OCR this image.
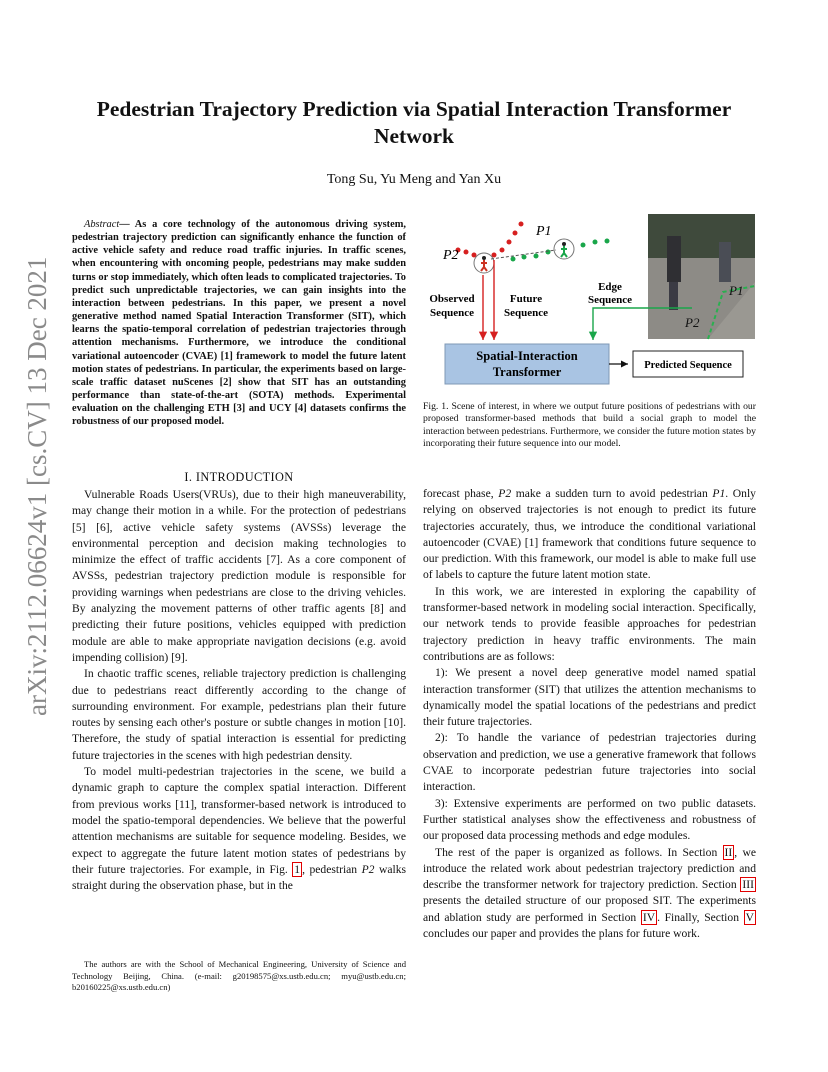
arXiv:2112.06624v1 [cs.CV] 13 Dec 2021
Pedestrian Trajectory Prediction via Spatial Interaction Transformer
Network
Tong Su, Yu Meng and Yan Xu
Abstract— As a core technology of the autonomous driving system, pedestrian trajectory prediction can significantly enhance the function of active vehicle safety and reduce road traffic injuries. In traffic scenes, when encountering with oncoming people, pedestrians may make sudden turns or stop immediately, which often leads to complicated trajectories. To predict such unpredictable trajectories, we can gain insights into the interaction between pedestrians. In this paper, we present a novel generative method named Spatial Interaction Transformer (SIT), which learns the spatio-temporal correlation of pedestrian trajectories through attention mechanisms. Furthermore, we introduce the conditional variational autoencoder (CVAE) [1] framework to model the future latent motion states of pedestrians. In particular, the experiments based on large-scale traffic dataset nuScenes [2] show that SIT has an outstanding performance than state-of-the-art (SOTA) methods. Experimental evaluation on the challenging ETH [3] and UCY [4] datasets confirms the robustness of our proposed model.
I. INTRODUCTION

Vulnerable Roads Users(VRUs), due to their high maneuverability, may change their motion in a while. For the protection of pedestrians [5] [6], active vehicle safety systems (AVSSs) leverage the environmental perception and decision making technologies to minimize the effect of traffic accidents [7]. As a core component of AVSSs, pedestrian trajectory prediction module is responsible for providing warnings when pedestrians are close to the driving vehicles. By analyzing the movement patterns of other traffic agents [8] and predicting their future positions, vehicles equipped with prediction module are able to make appropriate navigation decisions (e.g. avoid impending collision) [9].

In chaotic traffic scenes, reliable trajectory prediction is challenging due to pedestrians react differently according to the change of surrounding environment. For example, pedestrians plan their future routes by sensing each other's posture or subtle changes in motion [10]. Therefore, the study of spatial interaction is essential for predicting future trajectories in the scenes with high pedestrian density.

To model multi-pedestrian trajectories in the scene, we build a dynamic graph to capture the complex spatial interaction. Different from previous works [11], transformer-based network is introduced to model the spatio-temporal dependencies. We believe that the powerful attention mechanisms are suitable for sequence modeling. Besides, we expect to aggregate the future latent motion states of pedestrians by their future trajectories. For example, in Fig. 1 , pedestrian P2 walks straight during the observation phase, but in the

The authors are with the School of Mechanical Engineering, University of Science and Technology Beijing, China. (e-mail: g20198575@xs.ustb.edu.cn; myu@ustb.edu.cn; b20160225@xs.ustb.edu.cn)

P1
P2
P1
P2
Observed
Sequence
Future
Sequence
Edge
Sequence
Spatial-Interaction
Transformer	Predicted Sequence
Fig. 1. Scene of interest, in where we output future positions of pedestrians with our proposed transformer-based methods that build a social graph to model the interaction between pedestrians. Furthermore, we consider the future motion states by incorporating their future sequence into our model.

forecast phase, P2 make a sudden turn to avoid pedestrian P1. Only relying on observed trajectories is not enough to predict its future trajectories accurately, thus, we introduce the conditional variational autoencoder (CVAE) [1] framework that conditions future sequence to our prediction. With this framework, our model is able to make full use of labels to capture the future latent motion state.

In this work, we are interested in exploring the capability of transformer-based network in modeling social interaction. Specifically, our network tends to provide feasible approaches for pedestrian trajectory prediction in heavy traffic environments. The main contributions are as follows:

1): We present a novel deep generative model named spatial interaction transformer (SIT) that utilizes the attention mechanisms to dynamically model the spatial locations of the pedestrians and predict their future trajectories.

2): To handle the variance of pedestrian trajectories during observation and prediction, we use a generative framework that follows CVAE to incorporate pedestrian future trajectories into social interaction.

3): Extensive experiments are performed on two public datasets. Further statistical analyses show the effectiveness and robustness of our proposed data processing methods and edge modules.

The rest of the paper is organized as follows. In Section II , we introduce the related work about pedestrian trajectory prediction and describe the transformer network for trajectory prediction. Section III presents the detailed structure of our proposed SIT. The experiments and ablation study are performed in Section IV . Finally, Section V concludes our paper and provides the plans for future work.
